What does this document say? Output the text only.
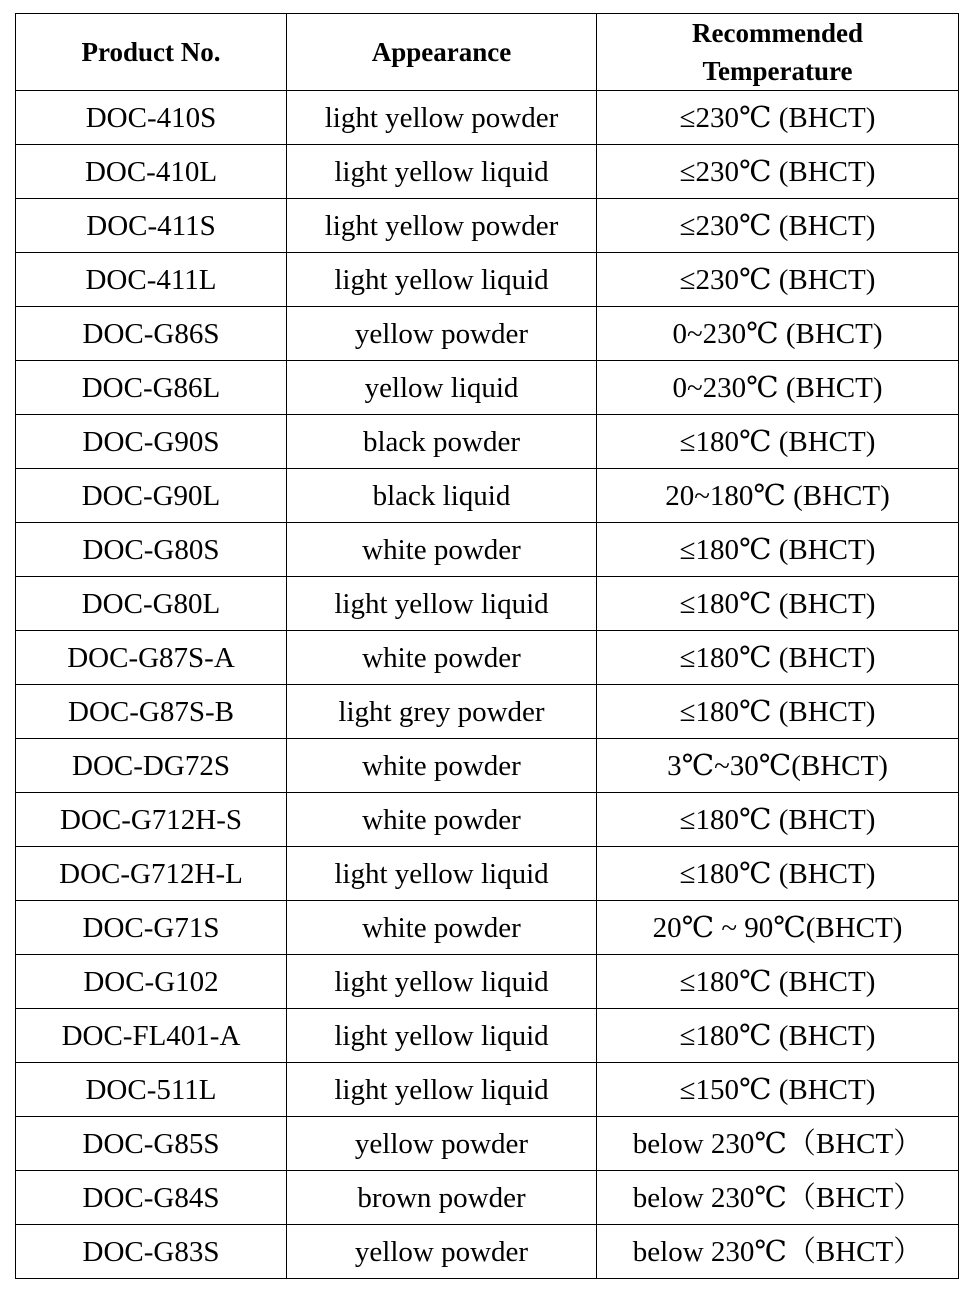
Product No.	Appearance	Recommended
Temperature

DOC-410S	light yellow powder	≤230℃ (BHCT)
DOC-410L	light yellow liquid	≤230℃ (BHCT)
DOC-411S	light yellow powder	≤230℃ (BHCT)
DOC-411L	light yellow liquid	≤230℃ (BHCT)
DOC-G86S	yellow powder	0~230℃ (BHCT)
DOC-G86L	yellow liquid	0~230℃ (BHCT)
DOC-G90S	black powder	≤180℃ (BHCT)
DOC-G90L	black liquid	20~180℃ (BHCT)
DOC-G80S	white powder	≤180℃ (BHCT)
DOC-G80L	light yellow liquid	≤180℃ (BHCT)
DOC-G87S-A	white powder	≤180℃ (BHCT)
DOC-G87S-B	light grey powder	≤180℃ (BHCT)
DOC-DG72S	white powder	3℃~30℃(BHCT)
DOC-G712H-S	white powder	≤180℃ (BHCT)
DOC-G712H-L	light yellow liquid	≤180℃ (BHCT)
DOC-G71S	white powder	20℃ ~ 90℃(BHCT)
DOC-G102	light yellow liquid	≤180℃ (BHCT)
DOC-FL401-A	light yellow liquid	≤180℃ (BHCT)
DOC-511L	light yellow liquid	≤150℃ (BHCT)
DOC-G85S	yellow powder	below 230℃（BHCT）
DOC-G84S	brown powder	below 230℃（BHCT）
DOC-G83S	yellow powder	below 230℃（BHCT）
